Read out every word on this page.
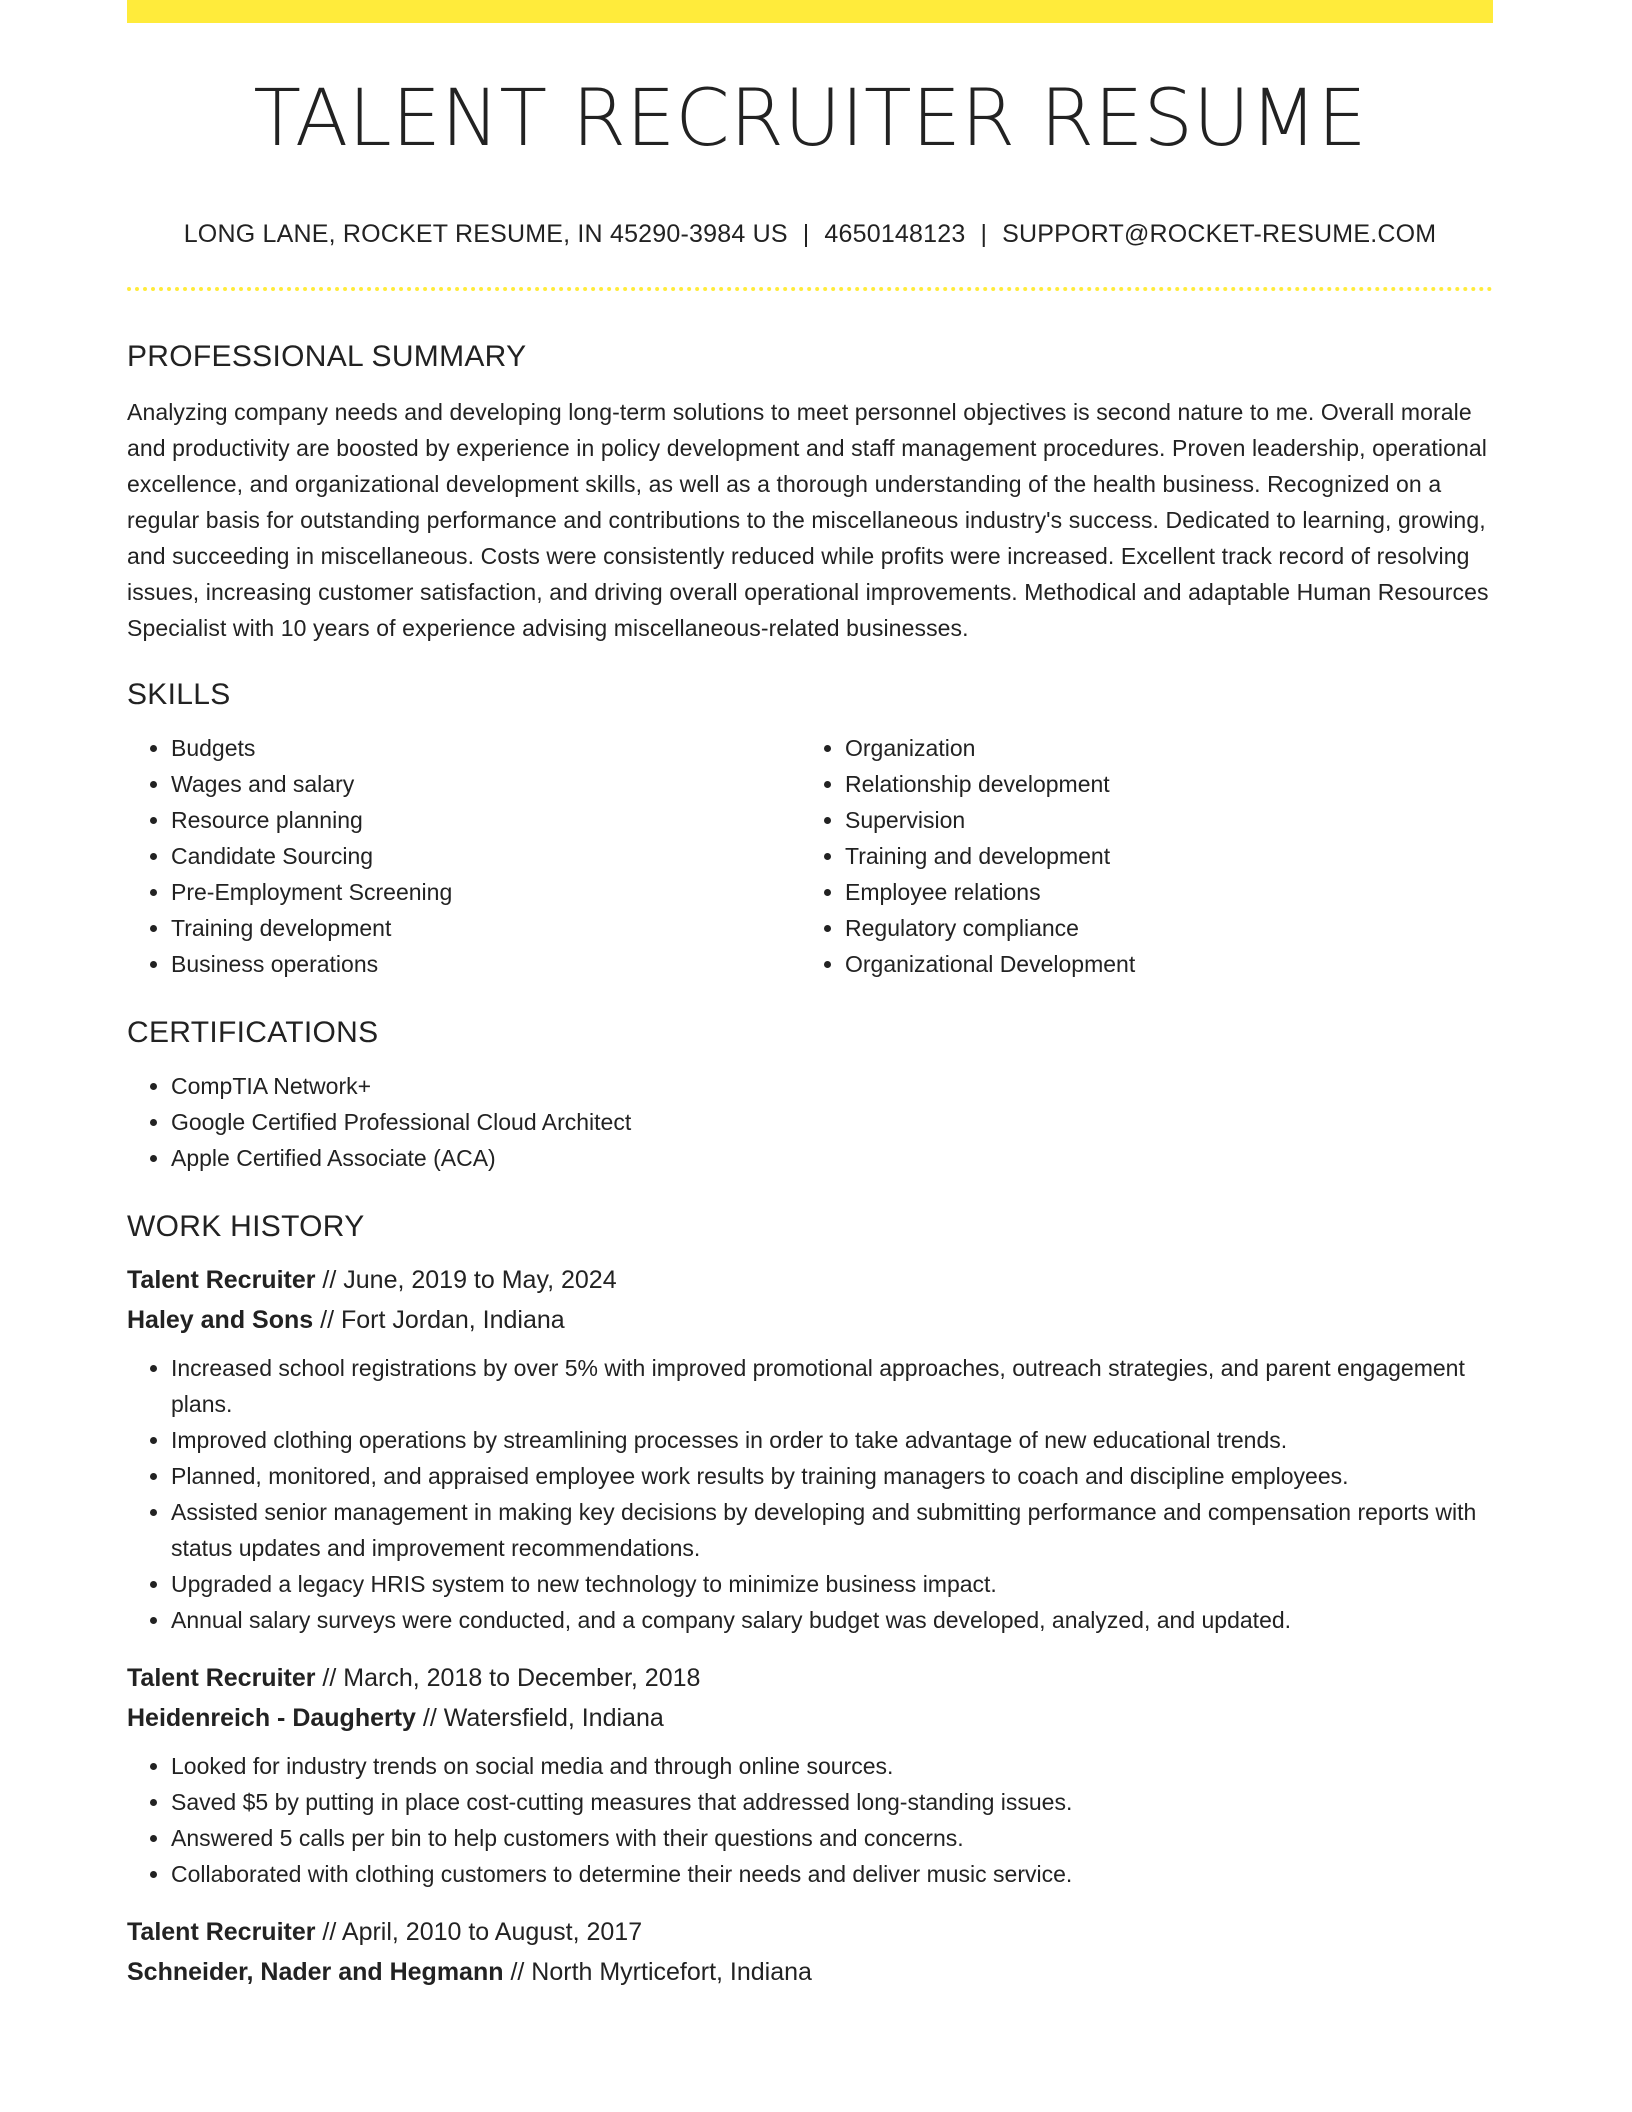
TALENT RECRUITER RESUME
LONG LANE, ROCKET RESUME, IN 45290-3984 US | 4650148123 | SUPPORT@ROCKET-RESUME.COM
PROFESSIONAL SUMMARY
Analyzing company needs and developing long-term solutions to meet personnel objectives is second nature to me. Overall morale and productivity are boosted by experience in policy development and staff management procedures. Proven leadership, operational excellence, and organizational development skills, as well as a thorough understanding of the health business. Recognized on a regular basis for outstanding performance and contributions to the miscellaneous industry's success. Dedicated to learning, growing, and succeeding in miscellaneous. Costs were consistently reduced while profits were increased. Excellent track record of resolving issues, increasing customer satisfaction, and driving overall operational improvements. Methodical and adaptable Human Resources Specialist with 10 years of experience advising miscellaneous-related businesses.
SKILLS
• Budgets
• Wages and salary
• Resource planning
• Candidate Sourcing
• Pre-Employment Screening
• Training development
• Business operations
• Organization
• Relationship development
• Supervision
• Training and development
• Employee relations
• Regulatory compliance
• Organizational Development
CERTIFICATIONS
• CompTIA Network+
• Google Certified Professional Cloud Architect
• Apple Certified Associate (ACA)
WORK HISTORY
Talent Recruiter // June, 2019 to May, 2024
Haley and Sons // Fort Jordan, Indiana
• Increased school registrations by over 5% with improved promotional approaches, outreach strategies, and parent engagement plans.
• Improved clothing operations by streamlining processes in order to take advantage of new educational trends.
• Planned, monitored, and appraised employee work results by training managers to coach and discipline employees.
• Assisted senior management in making key decisions by developing and submitting performance and compensation reports with status updates and improvement recommendations.
• Upgraded a legacy HRIS system to new technology to minimize business impact.
• Annual salary surveys were conducted, and a company salary budget was developed, analyzed, and updated.
Talent Recruiter // March, 2018 to December, 2018
Heidenreich - Daugherty // Watersfield, Indiana
• Looked for industry trends on social media and through online sources.
• Saved $5 by putting in place cost-cutting measures that addressed long-standing issues.
• Answered 5 calls per bin to help customers with their questions and concerns.
• Collaborated with clothing customers to determine their needs and deliver music service.
Talent Recruiter // April, 2010 to August, 2017
Schneider, Nader and Hegmann // North Myrticefort, Indiana
